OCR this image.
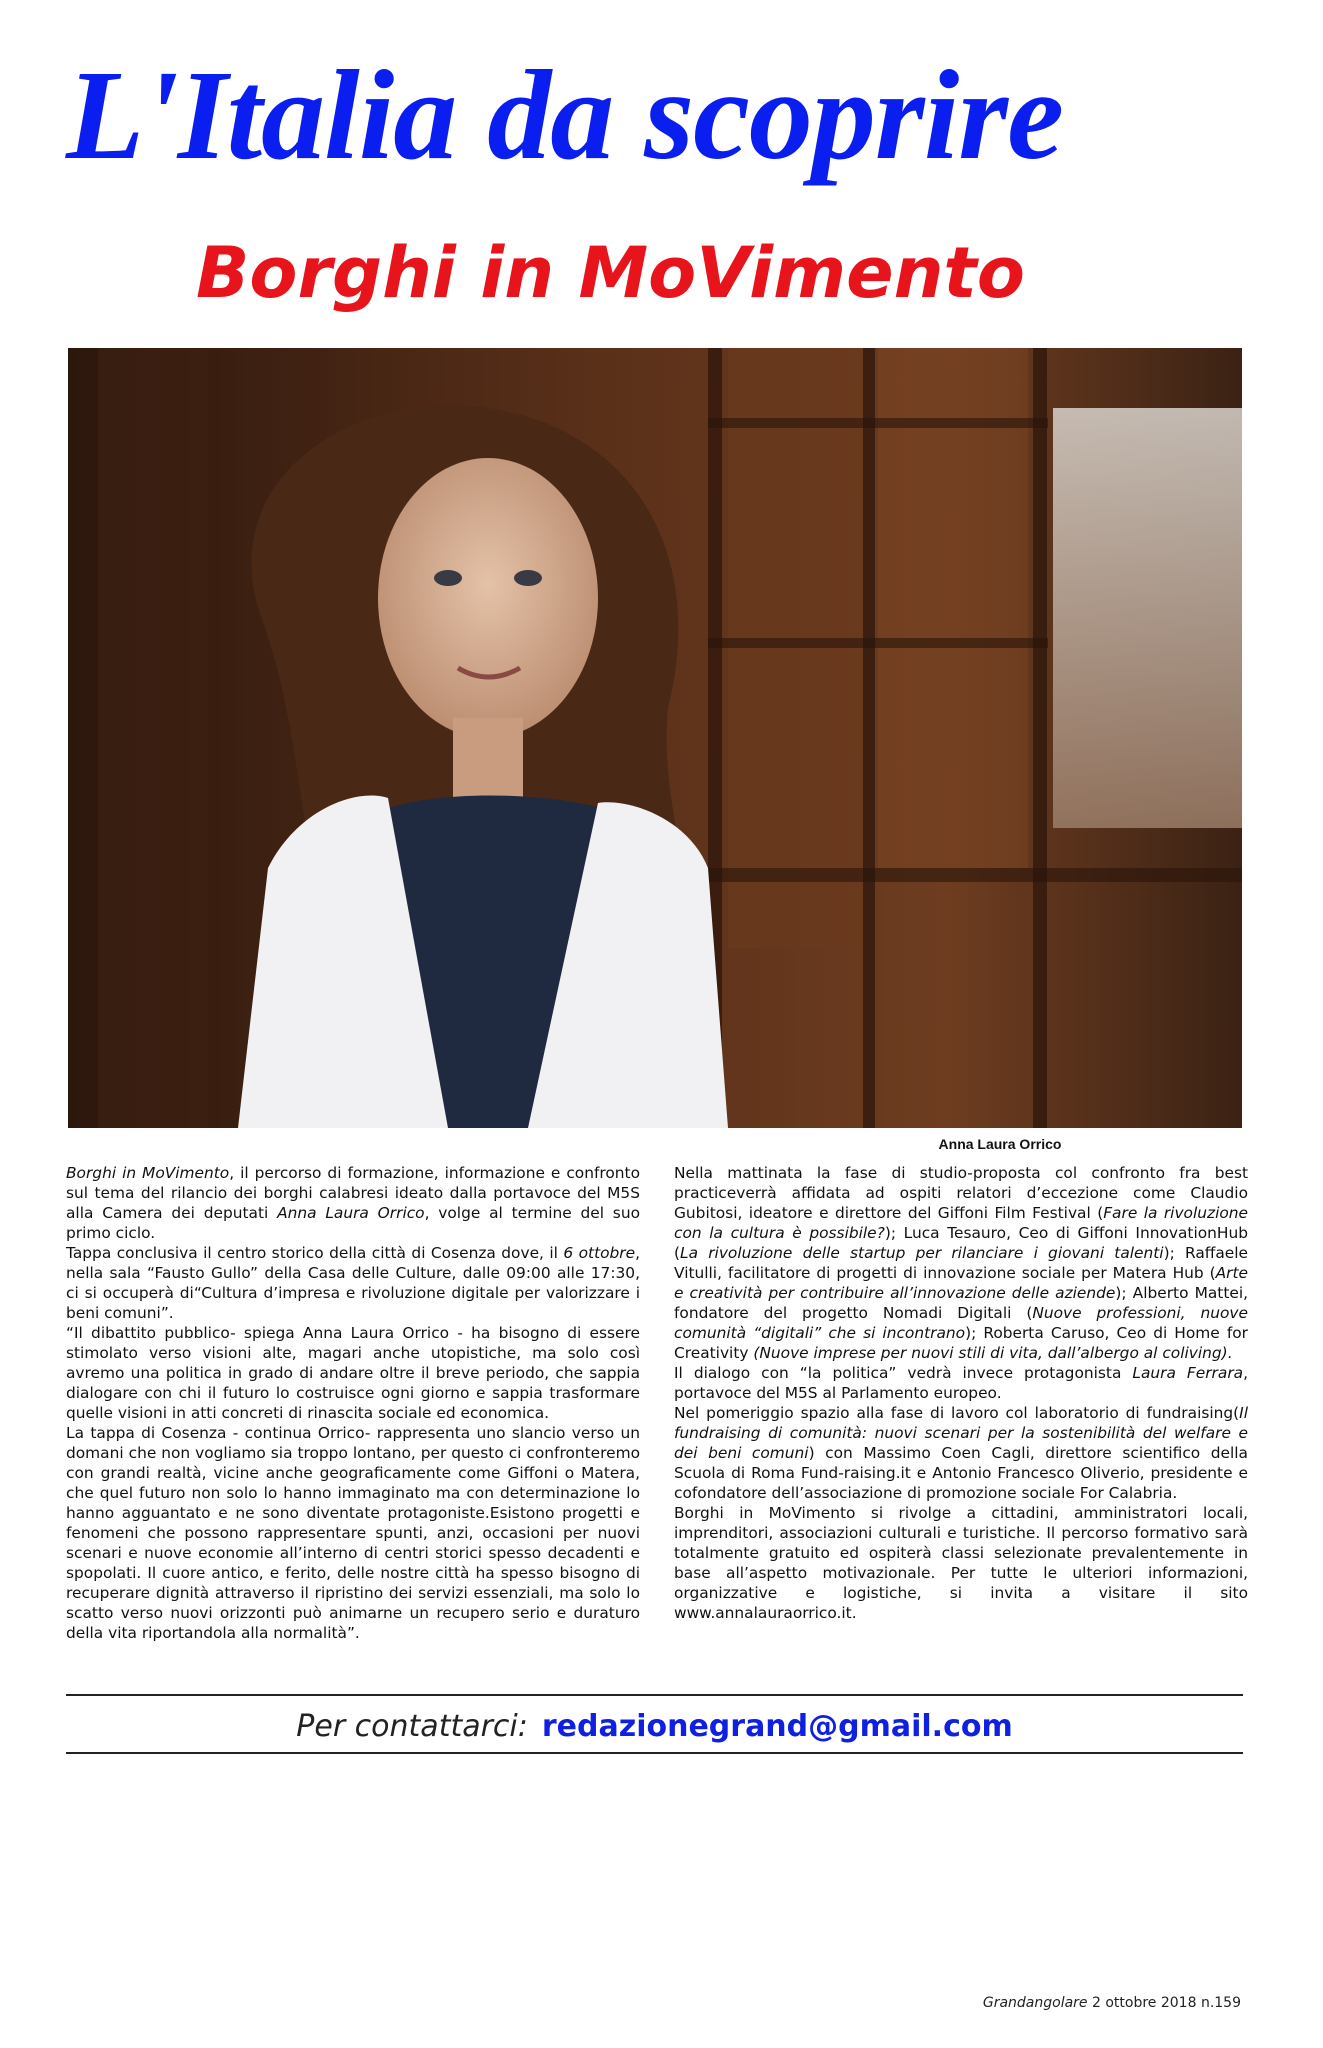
L'Italia da scoprire
Borghi in MoVimento
Anna Laura Orrico

Borghi in MoVimento, il percorso di formazione, informazione e confronto sul tema del rilancio dei borghi calabresi ideato dalla portavoce del M5S alla Camera dei deputati Anna Laura Orrico, volge al termine del suo primo ciclo.

Tappa conclusiva il centro storico della città di Cosenza dove, il 6 ottobre, nella sala “Fausto Gullo” della Casa delle Culture, dalle 09:00 alle 17:30, ci si occuperà di“Cultura d’impresa e rivoluzione digitale per valorizzare i beni comuni”.

“Il dibattito pubblico- spiega Anna Laura Orrico - ha bisogno di essere stimolato verso visioni alte, magari anche utopistiche, ma solo così avremo una politica in grado di andare oltre il breve periodo, che sappia dialogare con chi il futuro lo costruisce ogni giorno e sappia trasformare quelle visioni in atti concreti di rinascita sociale ed economica.

La tappa di Cosenza - continua Orrico- rappresenta uno slancio verso un domani che non vogliamo sia troppo lontano, per questo ci confronteremo con grandi realtà, vicine anche geograficamente come Giffoni o Matera, che quel futuro non solo lo hanno immaginato ma con determinazione lo hanno agguantato e ne sono diventate protagoniste.Esistono progetti e fenomeni che possono rappresentare spunti, anzi, occasioni per nuovi scenari e nuove economie all’interno di centri storici spesso decadenti e spopolati. Il cuore antico, e ferito, delle nostre città ha spesso bisogno di recuperare dignità attraverso il ripristino dei servizi essenziali, ma solo lo scatto verso nuovi orizzonti può animarne un recupero serio e duraturo della vita riportandola alla normalità”.

Nella mattinata la fase di studio-proposta col confronto fra best practiceverrà affidata ad ospiti relatori d’eccezione come Claudio Gubitosi, ideatore e direttore del Giffoni Film Festival (Fare la rivoluzione con la cultura è possibile?); Luca Tesauro, Ceo di Giffoni InnovationHub (La rivoluzione delle startup per rilanciare i giovani talenti); Raffaele Vitulli, facilitatore di progetti di innovazione sociale per Matera Hub (Arte e creatività per contribuire all’innovazione delle aziende); Alberto Mattei, fondatore del progetto Nomadi Digitali (Nuove professioni, nuove comunità “digitali” che si incontrano); Roberta Caruso, Ceo di Home for Creativity (Nuove imprese per nuovi stili di vita, dall’albergo al coliving).

Il dialogo con “la politica” vedrà invece protagonista Laura Ferrara, portavoce del M5S al Parlamento europeo.

Nel pomeriggio spazio alla fase di lavoro col laboratorio di fundraising(Il fundraising di comunità: nuovi scenari per la sostenibilità del welfare e dei beni comuni) con Massimo Coen Cagli, direttore scientifico della Scuola di Roma Fund-raising.it e Antonio Francesco Oliverio, presidente e cofondatore dell’associazione di promozione sociale For Calabria.

Borghi in MoVimento si rivolge a cittadini, amministratori locali, imprenditori, associazioni culturali e turistiche. Il percorso formativo sarà totalmente gratuito ed ospiterà classi selezionate prevalentemente in base all’aspetto motivazionale. Per tutte le ulteriori informazioni, organizzative e logistiche, si invita a visitare il sito www.annalauraorrico.it.

Per contattarci: redazionegrand@gmail.com
Grandangolare 2 ottobre 2018 n.159
